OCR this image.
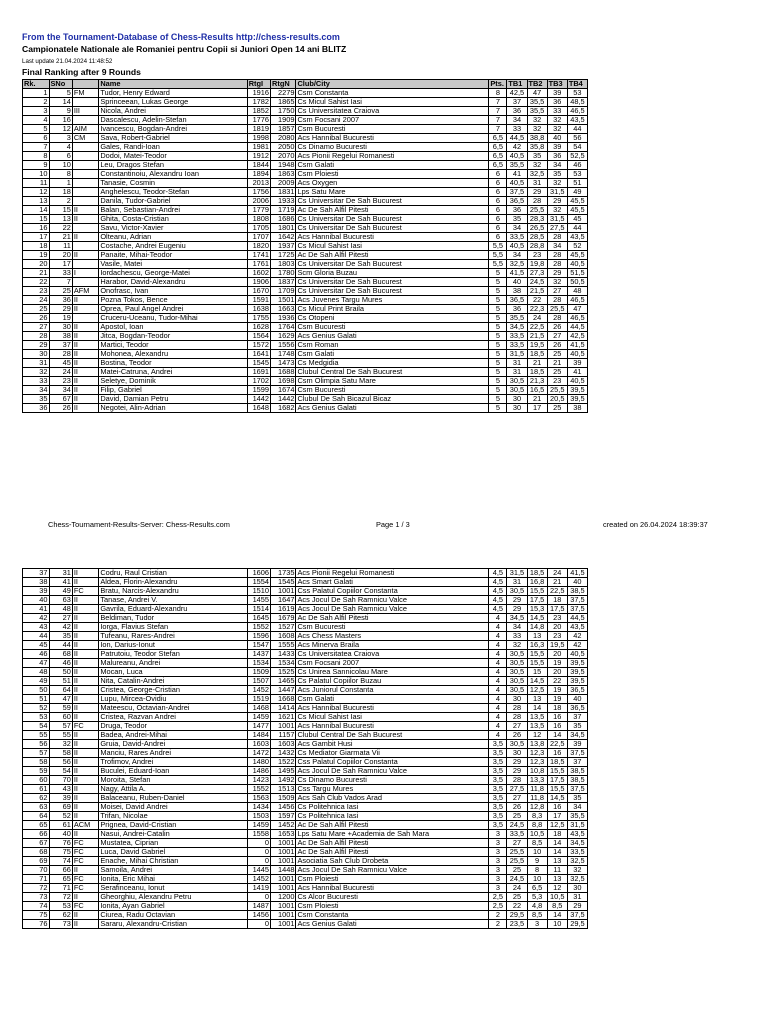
From the Tournament-Database of Chess-Results http://chess-results.com
Campionatele Nationale ale Romaniei pentru Copii si Juniori Open 14 ani BLITZ
Last update 21.04.2024 11:48:52
Final Ranking after 9 Rounds
Rk.	SNo		Name	RtgI	RtgN	Club/City	Pts.	TB1	TB2	TB3	TB4
1	5	FM	Tudor, Henry Edward	1916	2279	Csm Constanta	8	42,5	47	39	53
2	14		Sprinceean, Lukas George	1782	1865	Cs Micul Sahist Iasi	7	37	35,5	36	48,5
3	9	III	Nicola, Andrei	1852	1750	Cs Universitatea Craiova	7	36	35,5	33	46,5
4	16		Dascalescu, Adelin-Stefan	1776	1909	Csm Focsani 2007	7	34	32	32	43,5
5	12	AIM	Ivancescu, Bogdan-Andrei	1819	1857	Csm Bucuresti	7	33	32	32	44
6	3	CM	Sava, Robert-Gabriel	1998	2080	Acs Hannibal Bucuresti	6,5	44,5	38,8	40	56
7	4		Gales, Randi-Ioan	1981	2050	Cs Dinamo Bucuresti	6,5	42	35,8	39	54
8	6		Dodoi, Matei-Teodor	1912	2070	Acs Pionii Regelui Romanesti	6,5	40,5	35	36	52,5
9	10		Leu, Dragos Stefan	1844	1948	Csm Galati	6,5	35,5	32	34	46
10	8		Constantinoiu, Alexandru Ioan	1894	1863	Csm Ploiesti	6	41	32,5	35	53
11	1		Tanasie, Cosmin	2013	2009	Acs Oxygen	6	40,5	31	32	51
12	18		Anghelescu, Teodor-Stefan	1756	1831	Lps Satu Mare	6	37,5	29	31,5	49
13	2		Danila, Tudor-Gabriel	2006	1933	Cs Universitar De Sah Bucurest	6	36,5	28	29	45,5
14	15	II	Balan, Sebastian-Andrei	1779	1719	Ac De Sah Alfil Pitesti	6	36	25,5	32	45,5
15	13	II	Ghita, Costa-Cristian	1808	1686	Cs Universitar De Sah Bucurest	6	35	28,3	31,5	45
16	22		Savu, Victor-Xavier	1705	1801	Cs Universitar De Sah Bucurest	6	34	26,5	27,5	44
17	21	II	Olteanu, Adrian	1707	1642	Acs Hannibal Bucuresti	6	33,5	28,5	28	43,5
18	11		Costache, Andrei Eugeniu	1820	1937	Cs Micul Sahist Iasi	5,5	40,5	28,8	34	52
19	20	II	Panaite, Mihai-Teodor	1741	1725	Ac De Sah Alfil Pitesti	5,5	34	23	28	45,5
20	17		Vasile, Matei	1761	1803	Cs Universitar De Sah Bucurest	5,5	32,5	19,8	28	40,5
21	33	I	Iordachescu, George-Matei	1602	1780	Scm Gloria Buzau	5	41,5	27,3	29	51,5
22	7		Harabor, David-Alexandru	1906	1837	Cs Universitar De Sah Bucurest	5	40	24,5	32	50,5
23	25	AFM	Onofrasc, Ivan	1670	1709	Cs Universitar De Sah Bucurest	5	38	21,5	27	48
24	36	II	Pozna Tokos, Bence	1591	1501	Acs Juvenes Targu Mures	5	36,5	22	28	46,5
25	29	II	Oprea, Paul Angel Andrei	1638	1663	Cs Micul Print Braila	5	36	22,3	25,5	47
26	19		Cruceru-Uceanu, Tudor-Mihai	1755	1936	Cs Otopeni	5	35,5	24	28	46,5
27	30	II	Apostol, Ioan	1628	1764	Csm Bucuresti	5	34,5	22,5	26	44,5
28	38	II	Jitca, Bogdan-Teodor	1564	1629	Acs Genius Galati	5	33,5	21,5	27	42,5
29	37	II	Martici, Teodor	1572	1556	Csm Roman	5	33,5	19,5	26	41,5
30	28	II	Mohonea, Alexandru	1641	1748	Csm Galati	5	31,5	18,5	25	40,5
31	45	II	Bostina, Teodor	1545	1473	Cs Medgidia	5	31	21	21	39
32	24	II	Matei-Catruna, Andrei	1691	1688	Clubul Central De Sah Bucurest	5	31	18,5	25	41
33	23	II	Seletye, Dominik	1702	1698	Csm Olimpia Satu Mare	5	30,5	21,3	23	40,5
34	34	II	Filip, Gabriel	1599	1674	Csm Bucuresti	5	30,5	16,5	25,5	39,5
35	67	II	David, Damian Petru	1442	1442	Clubul De Sah Bicazul Bicaz	5	30	21	20,5	39,5
36	26	II	Negotei, Alin-Adrian	1648	1682	Acs Genius Galati	5	30	17	25	38
Chess-Tournament-Results-Server: Chess-Results.com	Page 1 / 3	created on 26.04.2024 18:39:37
37	31	II	Codru, Raul Cristian	1606	1735	Acs Pionii Regelui Romanesti	4,5	31,5	18,5	24	41,5
38	41	II	Aldea, Florin-Alexandru	1554	1545	Acs Smart Galati	4,5	31	16,8	21	40
39	49	FC	Bratu, Narcis-Alexandru	1510	1001	Css Palatul Copiilor Constanta	4,5	30,5	15,5	22,5	38,5
40	63	II	Tanase, Andrei V.	1455	1647	Acs Jocul De Sah Ramnicu Valce	4,5	29	17,5	18	37,5
41	48	II	Gavrila, Eduard-Alexandru	1514	1619	Acs Jocul De Sah Ramnicu Valce	4,5	29	15,3	17,5	37,5
42	27	II	Beldiman, Tudor	1645	1679	Ac De Sah Alfil Pitesti	4	34,5	14,5	23	44,5
43	42	II	Iorga, Flavius Stefan	1552	1527	Csm Bucuresti	4	34	14,8	20	43,5
44	35	II	Tufeanu, Rares-Andrei	1596	1608	Acs Chess Masters	4	33	13	23	42
45	44	II	Ion, Darius-Ionut	1547	1555	Acs Minerva Braila	4	32	16,3	19,5	42
46	68	II	Patrutoiu, Teodor Stefan	1437	1433	Cs Universitatea Craiova	4	30,5	15,5	20	40,5
47	46	II	Malureanu, Andrei	1534	1534	Csm Focsani 2007	4	30,5	15,5	19	39,5
48	50	II	Mocan, Luca	1509	1525	Cs Unirea Sannicolau Mare	4	30,5	15	20	39,5
49	51	II	Nita, Catalin-Andrei	1507	1465	Cs Palatul Copiilor Buzau	4	30,5	14,5	22	39,5
50	64	II	Cristea, George-Cristian	1452	1447	Acs Juniorul Constanta	4	30,5	12,5	19	36,5
51	47	II	Lupu, Mircea-Ovidiu	1519	1668	Csm Galati	4	30	13	19	40
52	59	II	Mateescu, Octavian-Andrei	1468	1414	Acs Hannibal Bucuresti	4	28	14	18	36,5
53	60	II	Cristea, Razvan Andrei	1459	1621	Cs Micul Sahist Iasi	4	28	13,5	16	37
54	57	FC	Druga, Teodor	1477	1001	Acs Hannibal Bucuresti	4	27	13,5	16	35
55	55	II	Badea, Andrei-Mihai	1484	1157	Clubul Central De Sah Bucurest	4	26	12	14	34,5
56	32	II	Gruia, David-Andrei	1603	1603	Acs Gambit Husi	3,5	30,5	13,8	22,5	39
57	58	II	Manciu, Rares Andrei	1472	1432	Cs Mediator Giarmata Vii	3,5	30	12,3	16	37,5
58	56	II	Trofimov, Andrei	1480	1522	Css Palatul Copiilor Constanta	3,5	29	12,3	18,5	37
59	54	II	Buculei, Eduard-Ioan	1486	1495	Acs Jocul De Sah Ramnicu Valce	3,5	29	10,8	15,5	38,5
60	70	II	Moroita, Stefan	1423	1492	Cs Dinamo Bucuresti	3,5	28	13,3	17,5	38,5
61	43	II	Nagy, Attila A.	1552	1513	Css Targu Mures	3,5	27,5	11,8	15,5	37,5
62	39	II	Balaceanu, Ruben-Daniel	1563	1509	Acs Sah Club Vados Arad	3,5	27	11,8	14,5	35
63	69	II	Moisei, David Andrei	1434	1456	Cs Politehnica Iasi	3,5	26	12,8	16	34
64	52	II	Trifan, Nicolae	1503	1597	Cs Politehnica Iasi	3,5	25	8,3	17	35,5
65	61	ACM	Prignea, David-Cristian	1459	1452	Ac De Sah Alfil Pitesti	3,5	24,5	8,8	12,5	31,5
66	40	II	Nasui, Andrei-Catalin	1558	1653	Lps Satu Mare +Academia de Sah Mara	3	33,5	10,5	18	43,5
67	76	FC	Mustatea, Ciprian	0	1001	Ac De Sah Alfil Pitesti	3	27	8,5	14	34,5
68	75	FC	Luca, David Gabriel	0	1001	Ac De Sah Alfil Pitesti	3	25,5	10	14	33,5
69	74	FC	Enache, Mihai Christian	0	1001	Asociatia Sah Club Drobeta	3	25,5	9	13	32,5
70	66	II	Samoila, Andrei	1445	1448	Acs Jocul De Sah Ramnicu Valce	3	25	8	11	32
71	65	FC	Ionita, Eric Mihai	1452	1001	Csm Ploiesti	3	24,5	10	13	32,5
72	71	FC	Serafinceanu, Ionut	1419	1001	Acs Hannibal Bucuresti	3	24	6,5	12	30
73	72	II	Gheorghiu, Alexandru Petru	0	1200	Cs Alcor Bucuresti	2,5	25	5,3	10,5	31
74	53	FC	Ionita, Ayan Gabriel	1487	1001	Csm Ploiesti	2,5	22	4,8	8,5	29
75	62	II	Ciurea, Radu Octavian	1456	1001	Csm Constanta	2	29,5	8,5	14	37,5
76	73	II	Sararu, Alexandru-Cristian	0	1001	Acs Genius Galati	2	23,5	3	10	29,5
